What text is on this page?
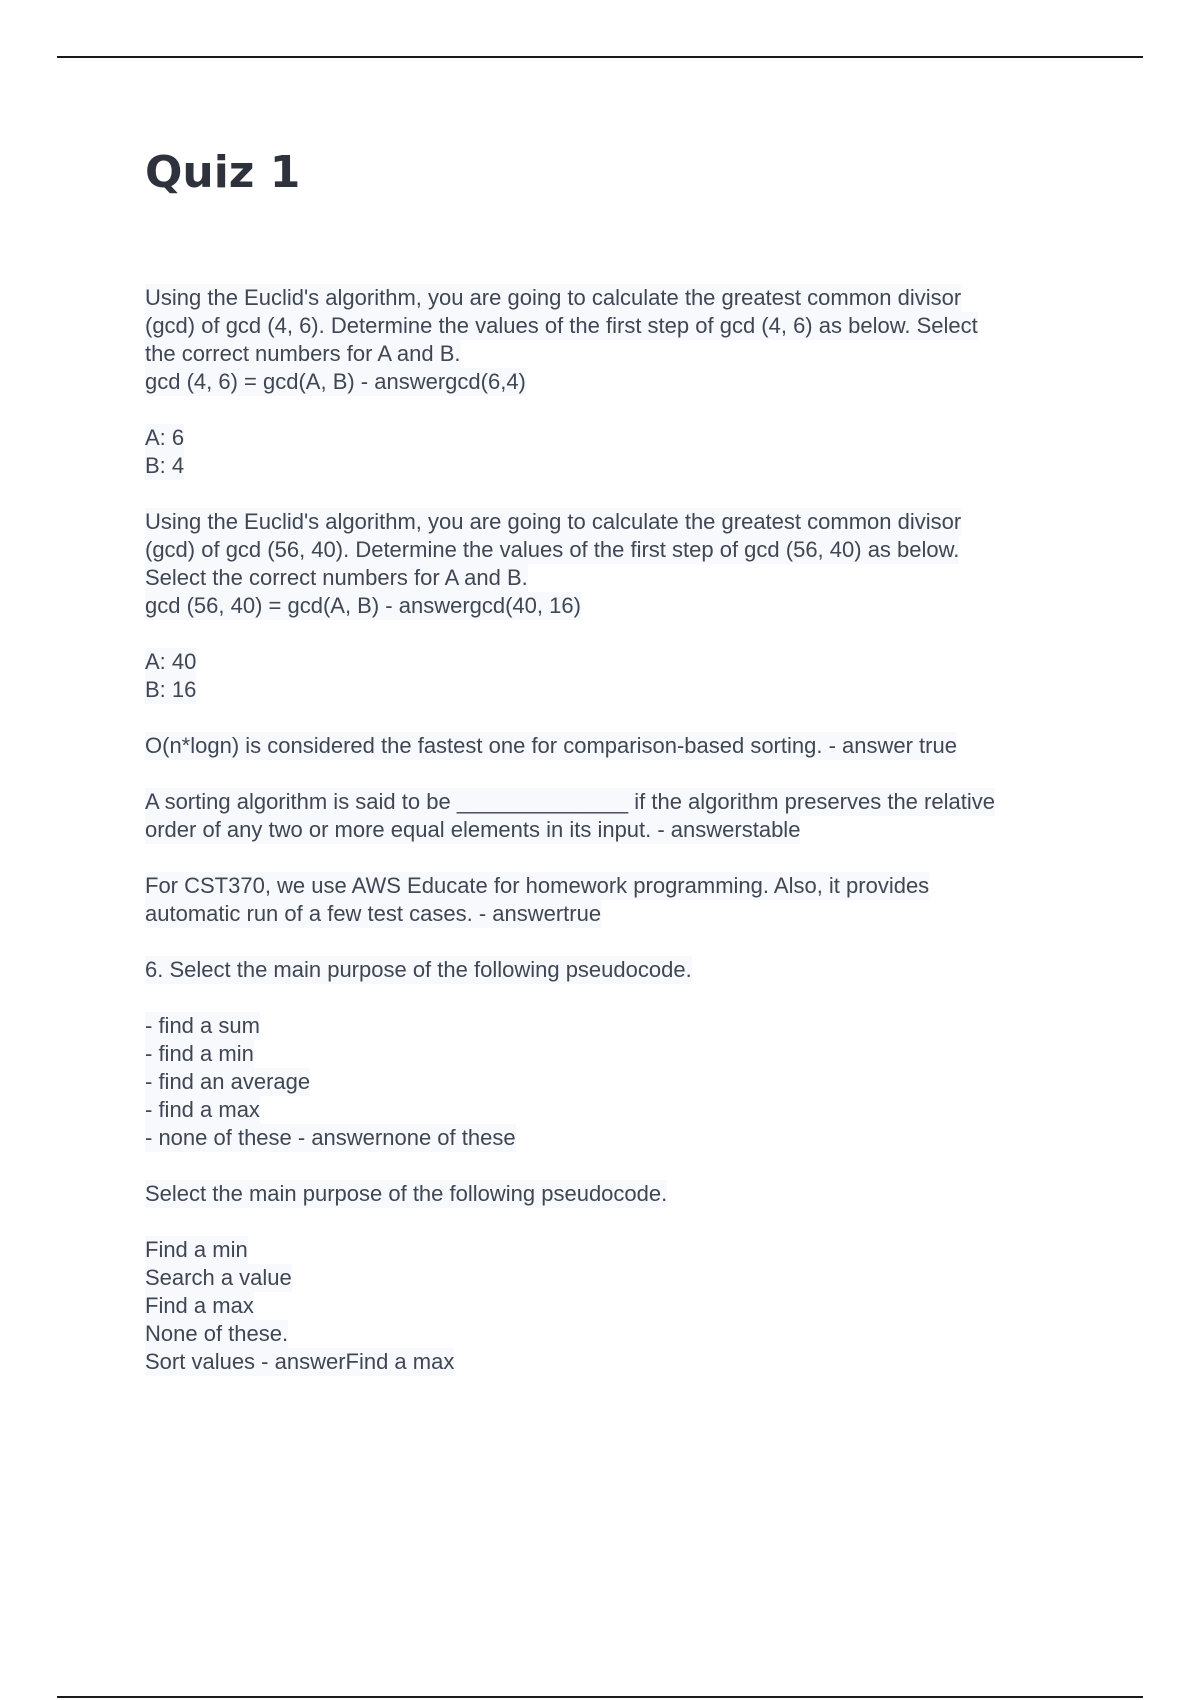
Quiz 1
Using the Euclid's algorithm, you are going to calculate the greatest common divisor
(gcd) of gcd (4, 6). Determine the values of the first step of gcd (4, 6) as below. Select
the correct numbers for A and B.
gcd (4, 6) = gcd(A, B) - answergcd(6,4)
A: 6
B: 4
Using the Euclid's algorithm, you are going to calculate the greatest common divisor
(gcd) of gcd (56, 40). Determine the values of the first step of gcd (56, 40) as below.
Select the correct numbers for A and B.
gcd (56, 40) = gcd(A, B) - answergcd(40, 16)
A: 40
B: 16
O(n*logn) is considered the fastest one for comparison-based sorting. - answer true
A sorting algorithm is said to be ______________ if the algorithm preserves the relative
order of any two or more equal elements in its input. - answerstable
For CST370, we use AWS Educate for homework programming. Also, it provides
automatic run of a few test cases. - answertrue
6. Select the main purpose of the following pseudocode.
- find a sum
- find a min
- find an average
- find a max
- none of these - answernone of these
Select the main purpose of the following pseudocode.
Find a min
Search a value
Find a max
None of these.
Sort values - answerFind a max
